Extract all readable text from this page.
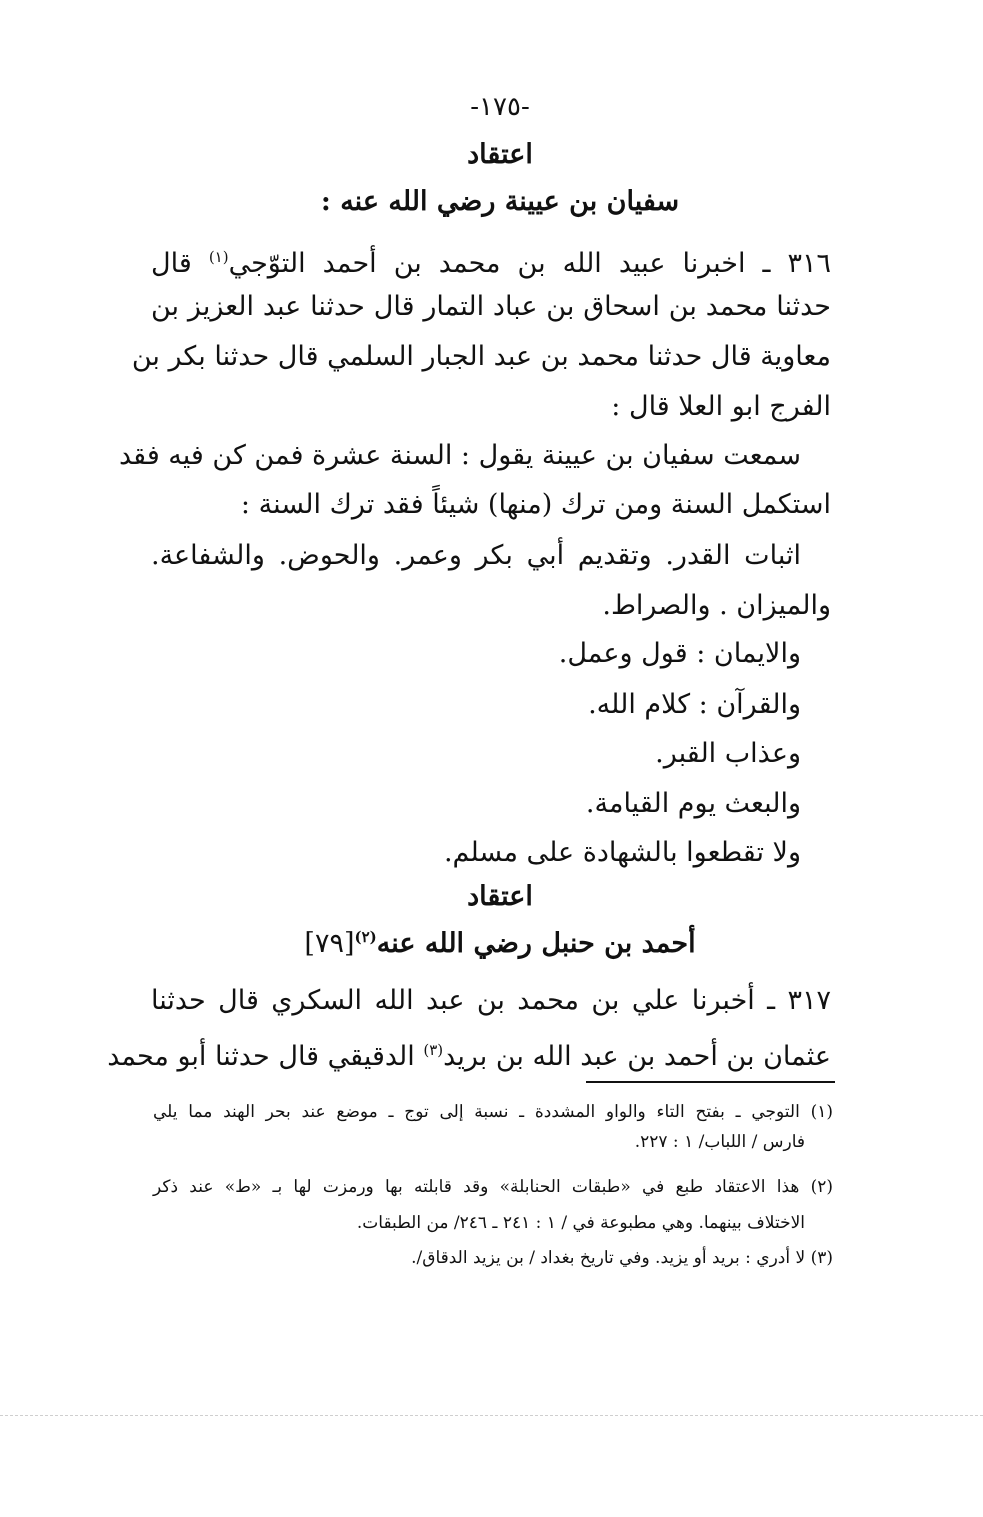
-١٧٥-
اعتقاد
سفيان بن عيينة رضي الله عنه :
٣١٦ ـ اخبرنا عبيد الله بن محمد بن أحمد التوّجي$^{(١)}$ قال
حدثنا محمد بن اسحاق بن عباد التمار قال حدثنا عبد العزيز بن
معاوية قال حدثنا محمد بن عبد الجبار السلمي قال حدثنا بكر بن
الفرج ابو العلا قال :
سمعت سفيان بن عيينة يقول : السنة عشرة فمن كن فيه فقد
استكمل السنة ومن ترك (منها) شيئاً فقد ترك السنة :
اثبات القدر. وتقديم أبي بكر وعمر. والحوض. والشفاعة.
والميزان . والصراط.
والايمان : قول وعمل.
والقرآن : كلام الله.
وعذاب القبر.
والبعث يوم القيامة.
ولا تقطعوا بالشهادة على مسلم.
اعتقاد
أحمد بن حنبل رضي الله عنه$^{(٢)}$[٧٩]
٣١٧ ـ أخبرنا علي بن محمد بن عبد الله السكري قال حدثنا
عثمان بن أحمد بن عبد الله بن بريد$^{(٣)}$ الدقيقي قال حدثنا أبو محمد
(١) التوجي ـ بفتح التاء والواو المشددة ـ نسبة إلى توج ـ موضع عند بحر الهند مما يلي
فارس / اللباب/ ١ : ٢٢٧.
(٢) هذا الاعتقاد طبع في «طبقات الحنابلة» وقد قابلته بها ورمزت لها بـ «ط» عند ذكر
الاختلاف بينهما. وهي مطبوعة في / ١ : ٢٤١ ـ ٢٤٦/ من الطبقات.
(٣) لا أدري : بريد أو يزيد. وفي تاريخ بغداد / بن يزيد الدقاق/.
